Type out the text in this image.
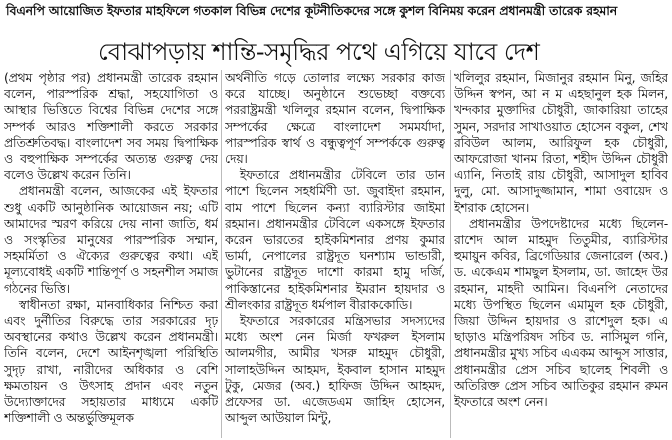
বিএনপি আয়োজিত ইফতার মাহফিলে গতকাল বিভিন্ন দেশের কূটনীতিকদের সঙ্গে কুশল বিনিময় করেন প্রধানমন্ত্রী তারেক রহমান
বোঝাপড়ায় শান্তি-সমৃদ্ধির পথে এগিয়ে যাবে দেশ

(প্রথম পৃষ্ঠার পর) প্রধানমন্ত্রী তারেক রহমান বলেন, পারস্পরিক শ্রদ্ধা, সহযোগিতা ও আস্থার ভিত্তিতে বিশ্বের বিভিন্ন দেশের সঙ্গে সম্পর্ক আরও শক্তিশালী করতে সরকার প্রতিশ্রুতিবদ্ধ। বাংলাদেশ সব সময় দ্বিপাক্ষিক ও বহুপাক্ষিক সম্পর্কের অত্যন্ত গুরুত্ব দেয় বলেও উল্লেখ করেন তিনি।

প্রধানমন্ত্রী বলেন, আজকের এই ইফতার শুধু একটি আনুষ্ঠানিক আয়োজন নয়; এটি আমাদের স্মরণ করিয়ে দেয় নানা জাতি, ধর্ম ও সংস্কৃতির মানুষের পারস্পরিক সম্মান, সহমর্মিতা ও ঐক্যের গুরুত্বের কথা। এই মূল্যবোধই একটি শান্তিপূর্ণ ও সহনশীল সমাজ গঠনের ভিত্তি।

স্বাধীনতা রক্ষা, মানবাধিকার নিশ্চিত করা এবং দুর্নীতির বিরুদ্ধে তার সরকারের দৃঢ় অবস্থানের কথাও উল্লেখ করেন প্রধানমন্ত্রী। তিনি বলেন, দেশে আইনশৃঙ্খলা পরিস্থিতি সুদৃঢ় রাখা, নারীদের অধিকার ও বেশি ক্ষমতায়ন ও উৎসাহ প্রদান এবং নতুন উদ্যোক্তাদের সহায়তার মাধ্যমে একটি শক্তিশালী ও অন্তর্ভুক্তিমূলক

অর্থনীতি গড়ে তোলার লক্ষ্যে সরকার কাজ করে যাচ্ছে। অনুষ্ঠানে শুভেচ্ছা বক্তব্যে পররাষ্ট্রমন্ত্রী খলিলুর রহমান বলেন, দ্বিপাক্ষিক সম্পর্কের ক্ষেত্রে বাংলাদেশ সমমর্যাদা, পারস্পরিক স্বার্থ ও বন্ধুত্বপূর্ণ সম্পর্ককে গুরুত্ব দেয়।

ইফতারে প্রধানমন্ত্রীর টেবিলে তার ডান পাশে ছিলেন সহধর্মিণী ডা. জুবাইদা রহমান, বাম পাশে ছিলেন কন্যা ব্যারিস্টার জাইমা রহমান। প্রধানমন্ত্রীর টেবিলে একসঙ্গে ইফতার করেন ভারতের হাইকমিশনার প্রণয় কুমার ভার্মা, নেপালের রাষ্ট্রদূত ঘনশ্যাম ভান্ডারী, ভুটানের রাষ্ট্রদূত দাশো কারমা হামু দর্জি, পাকিস্তানের হাইকমিশনার ইমরান হায়দার ও শ্রীলংকার রাষ্ট্রদূত ধর্মপাল বীরাককোডি।

ইফতারে সরকারের মন্ত্রিসভার সদস্যদের মধ্যে অংশ নেন মির্জা ফখরুল ইসলাম আলমগীর, আমীর খসরু মাহমুদ চৌধুরী, সালাহউদ্দিন আহমদ, ইকবাল হাসান মাহমুদ টুকু, মেজর (অব.) হাফিজ উদ্দিন আহমদ, প্রফেসর ডা. এজেডএম জাহিদ হোসেন, আব্দুল আউয়াল মিন্টু,

খলিলুর রহমান, মিজানুর রহমান মিনু, জহির উদ্দিন স্বপন, আ ন ম এহছানুল হক মিলন, খন্দকার মুক্তাদির চৌধুরী, জাকারিয়া তাহের সুমন, সরদার সাখাওয়াত হোসেন বকুল, শেখ রবিউল আলম, আরিফুল হক চৌধুরী, আফরোজা খানম রিতা, শহীদ উদ্দিন চৌধুরী এ্যানি, নিতাই রায় চৌধুরী, আসাদুল হাবিব দুলু, মো. আসাদুজ্জামান, শামা ওবায়েদ ও ইশরাক হোসেন।

প্রধানমন্ত্রীর উপদেষ্টাদের মধ্যে ছিলেন- রাশেদ আল মাহমুদ তিতুমীর, ব্যারিস্টার হুমায়ুন কবির, ব্রিগেডিয়ার জেনারেল (অব.) ড. একেএম শামছুল ইসলাম, ডা. জাহেদ উর রহমান, মাহদী আমিন। বিএনপি নেতাদের মধ্যে উপস্থিত ছিলেন এমামুল হক চৌধুরী, জিয়া উদ্দিন হায়দার ও রাশেদুল হক। এ ছাড়াও মন্ত্রিপরিষদ সচিব ড. নাসিমুল গনি, প্রধানমন্ত্রীর মুখ্য সচিব এএকম আব্দুস সাত্তার, প্রধানমন্ত্রীর প্রেস সচিব ছালেহ শিবলী ও অতিরিক্ত প্রেস সচিব আতিকুর রহমান রুমন ইফতারে অংশ নেন।
